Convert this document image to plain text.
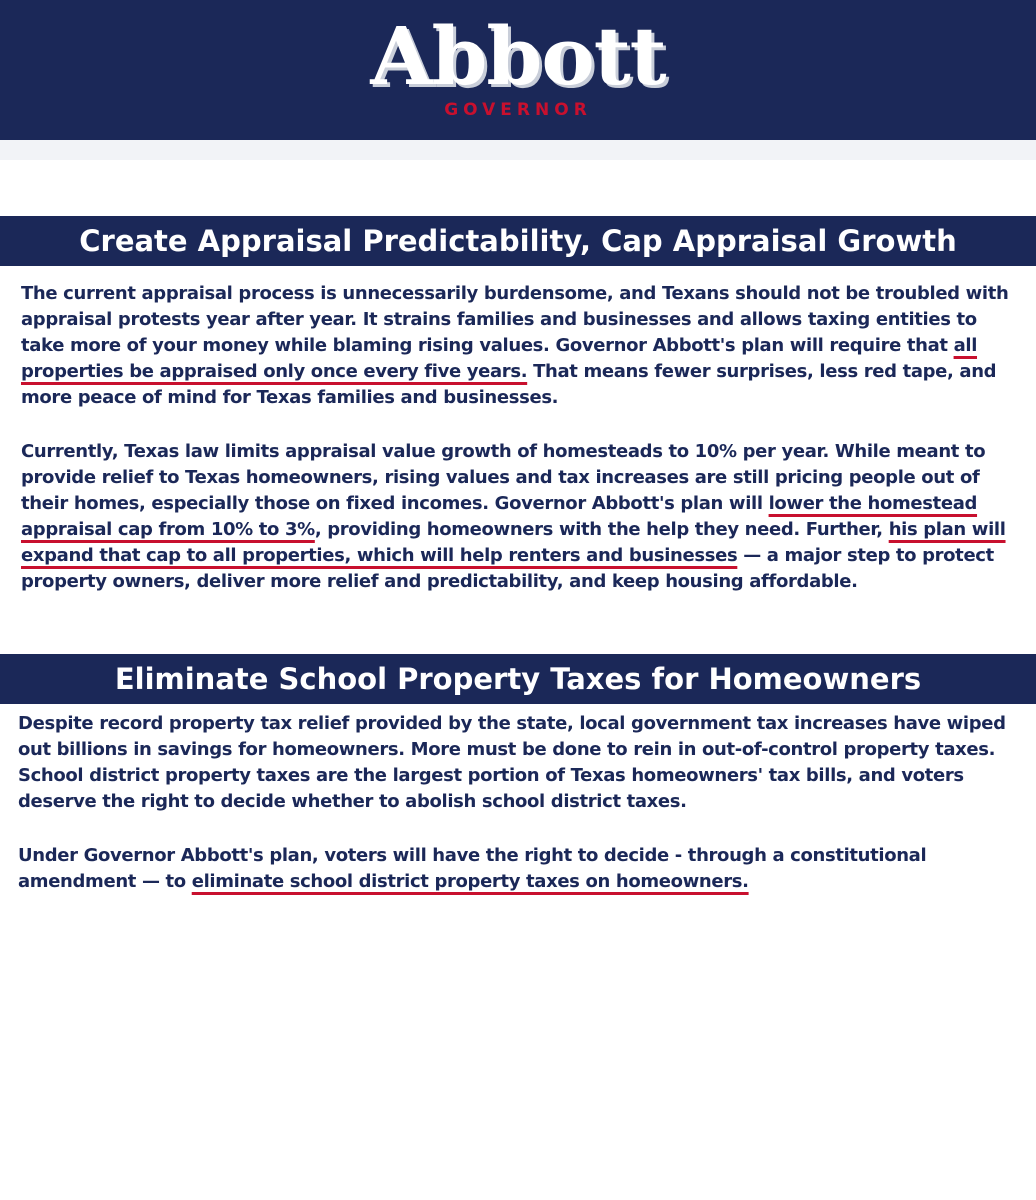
Abbott
GOVERNOR
Create Appraisal Predictability, Cap Appraisal Growth
The current appraisal process is unnecessarily burdensome, and Texans should not be troubled with appraisal protests year after year. It strains families and businesses and allows taxing entities to take more of your money while blaming rising values. Governor Abbott's plan will require that all properties be appraised only once every five years. That means fewer surprises, less red tape, and more peace of mind for Texas families and businesses.
Currently, Texas law limits appraisal value growth of homesteads to 10% per year. While meant to provide relief to Texas homeowners, rising values and tax increases are still pricing people out of their homes, especially those on fixed incomes. Governor Abbott's plan will lower the homestead appraisal cap from 10% to 3%, providing homeowners with the help they need. Further, his plan will expand that cap to all properties, which will help renters and businesses — a major step to protect property owners, deliver more relief and predictability, and keep housing affordable.
Eliminate School Property Taxes for Homeowners
Despite record property tax relief provided by the state, local government tax increases have wiped out billions in savings for homeowners. More must be done to rein in out-of-control property taxes. School district property taxes are the largest portion of Texas homeowners' tax bills, and voters deserve the right to decide whether to abolish school district taxes.
Under Governor Abbott's plan, voters will have the right to decide - through a constitutional amendment — to eliminate school district property taxes on homeowners.
